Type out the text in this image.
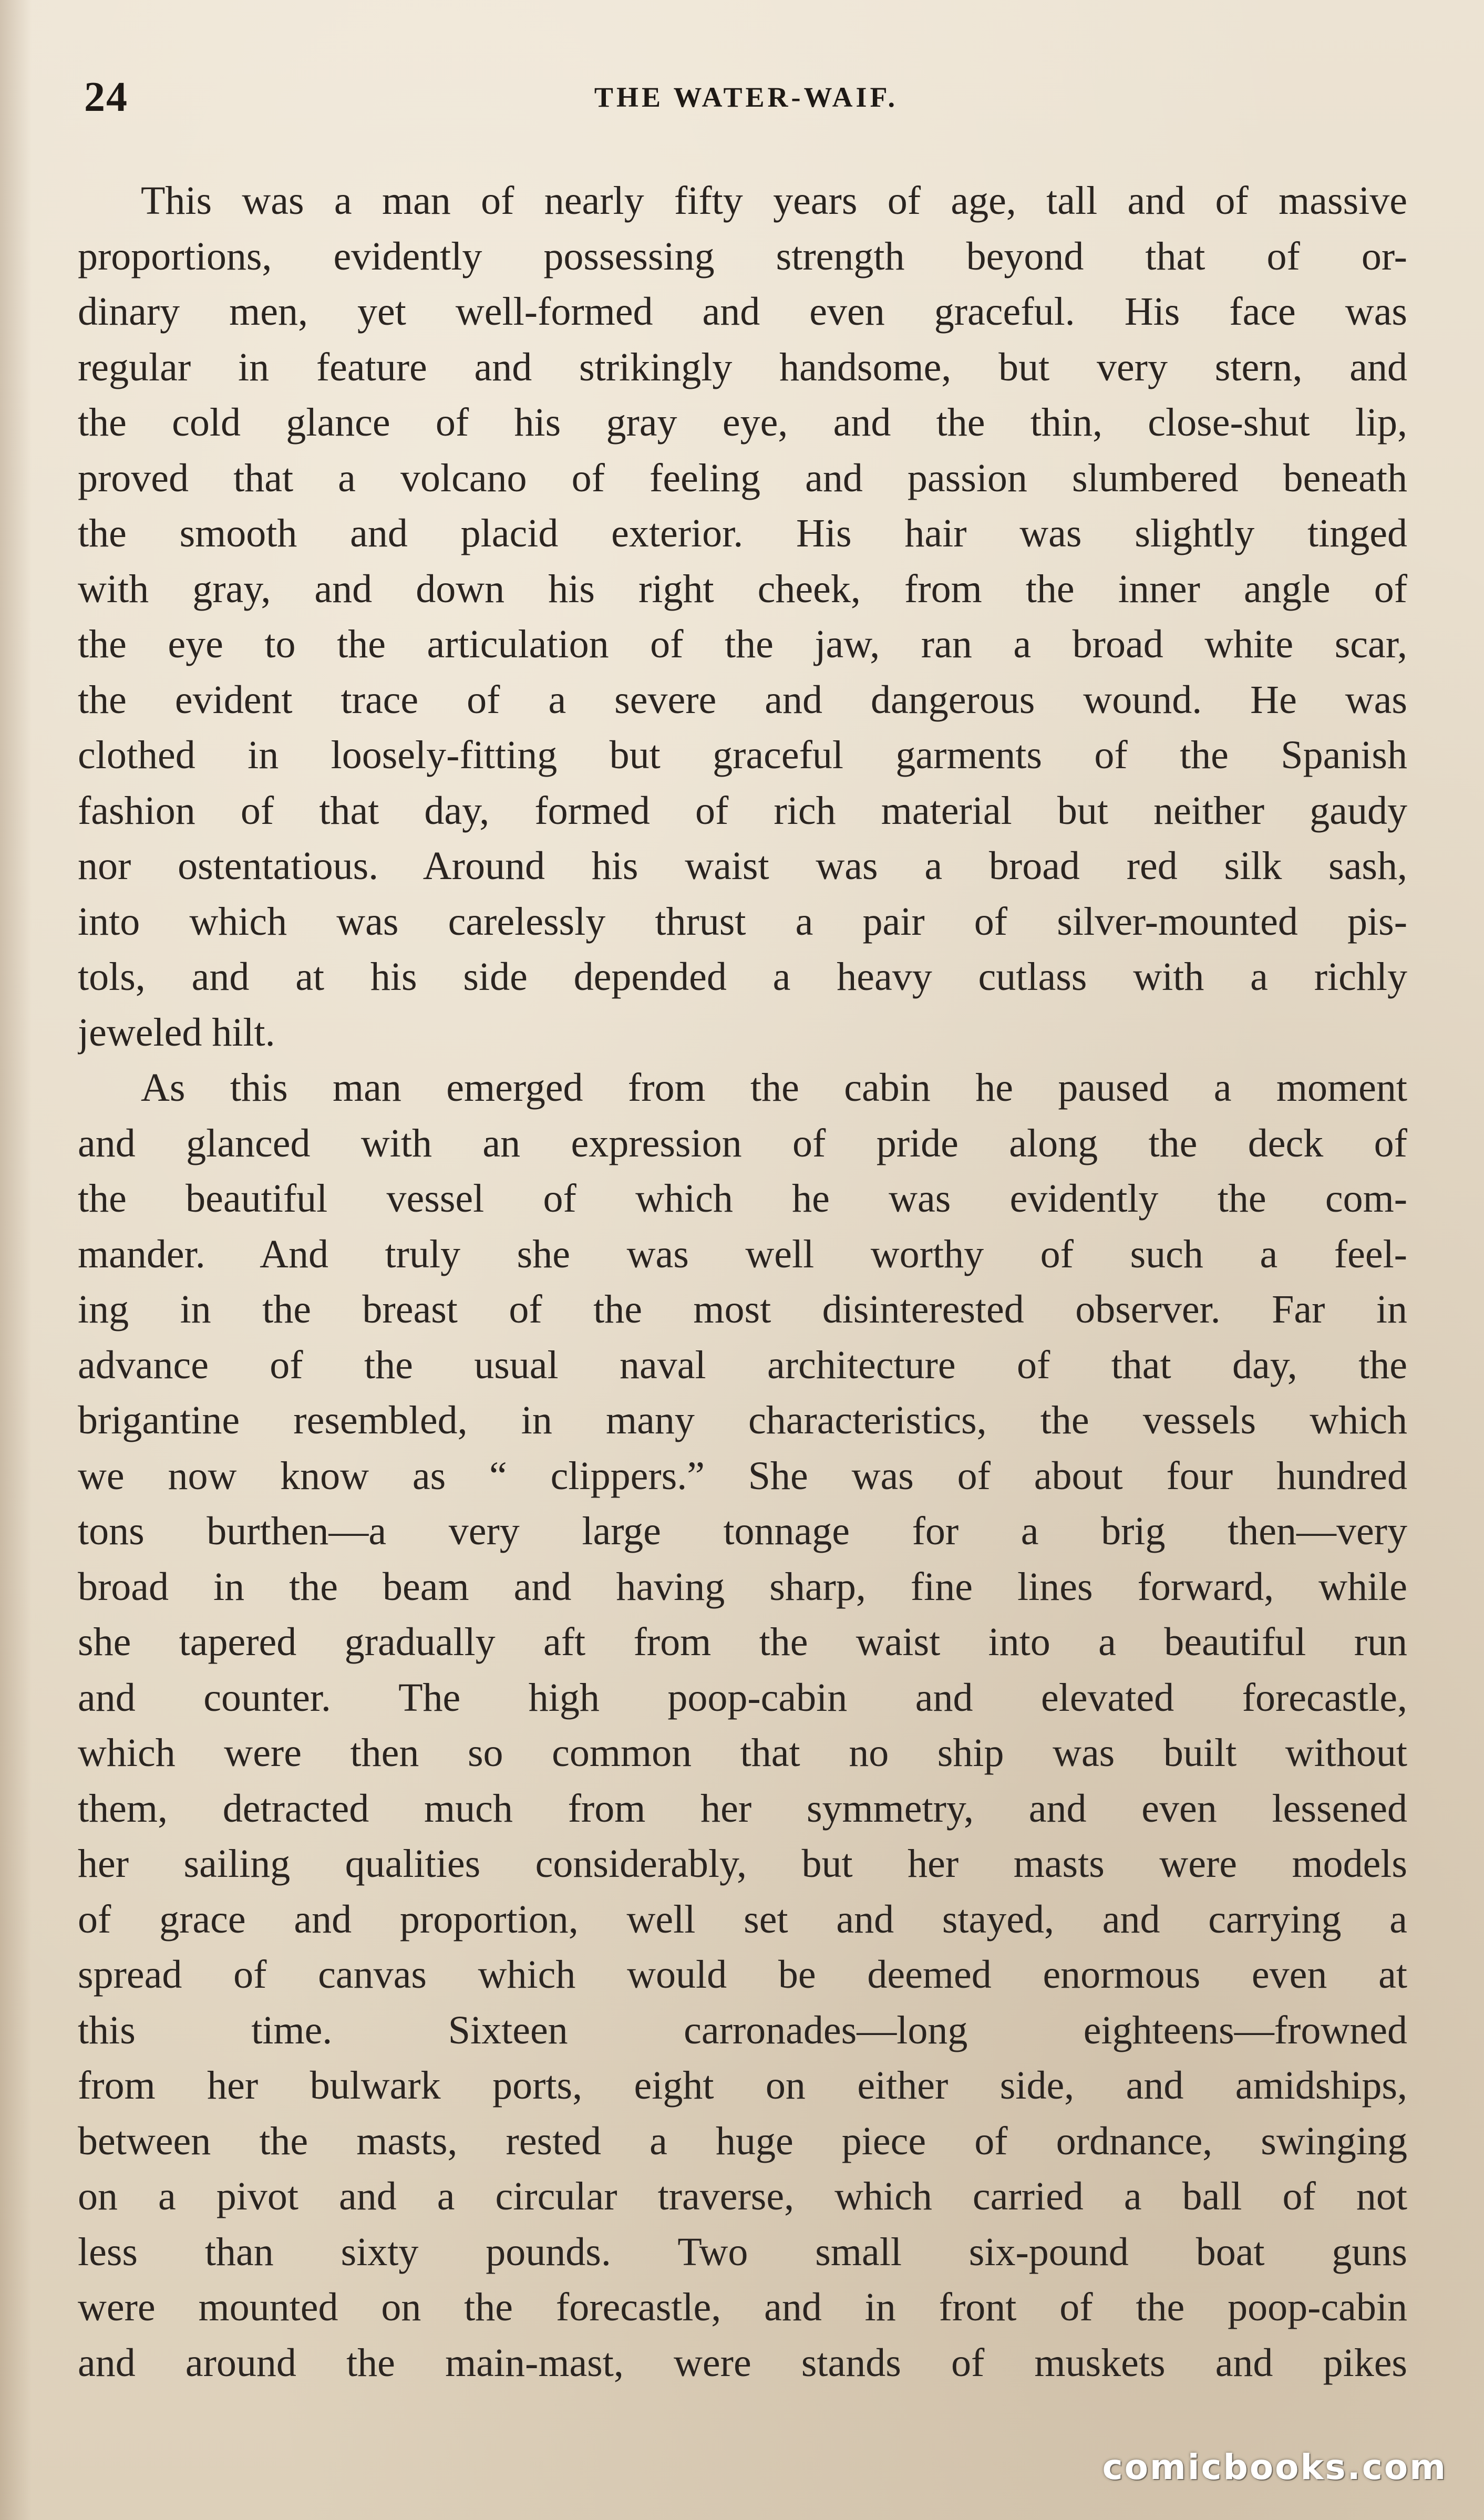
24	THE WATER-WAIF.
This was a man of nearly fifty years of age, tall and of massive
proportions, evidently possessing strength beyond that of or-
dinary men, yet well-formed and even graceful. His face was
regular in feature and strikingly handsome, but very stern, and
the cold glance of his gray eye, and the thin, close-shut lip,
proved that a volcano of feeling and passion slumbered beneath
the smooth and placid exterior. His hair was slightly tinged
with gray, and down his right cheek, from the inner angle of
the eye to the articulation of the jaw, ran a broad white scar,
the evident trace of a severe and dangerous wound. He was
clothed in loosely-fitting but graceful garments of the Spanish
fashion of that day, formed of rich material but neither gaudy
nor ostentatious. Around his waist was a broad red silk sash,
into which was carelessly thrust a pair of silver-mounted pis-
tols, and at his side depended a heavy cutlass with a richly
jeweled hilt.
As this man emerged from the cabin he paused a moment
and glanced with an expression of pride along the deck of
the beautiful vessel of which he was evidently the com-
mander. And truly she was well worthy of such a feel-
ing in the breast of the most disinterested observer. Far in
advance of the usual naval architecture of that day, the
brigantine resembled, in many characteristics, the vessels which
we now know as “ clippers.” She was of about four hundred
tons burthen—a very large tonnage for a brig then—very
broad in the beam and having sharp, fine lines forward, while
she tapered gradually aft from the waist into a beautiful run
and counter. The high poop-cabin and elevated forecastle,
which were then so common that no ship was built without
them, detracted much from her symmetry, and even lessened
her sailing qualities considerably, but her masts were models
of grace and proportion, well set and stayed, and carrying a
spread of canvas which would be deemed enormous even at
this time. Sixteen carronades—long eighteens—frowned
from her bulwark ports, eight on either side, and amidships,
between the masts, rested a huge piece of ordnance, swinging
on a pivot and a circular traverse, which carried a ball of not
less than sixty pounds. Two small six-pound boat guns
were mounted on the forecastle, and in front of the poop-cabin
and around the main-mast, were stands of muskets and pikes
comicbooks.com
